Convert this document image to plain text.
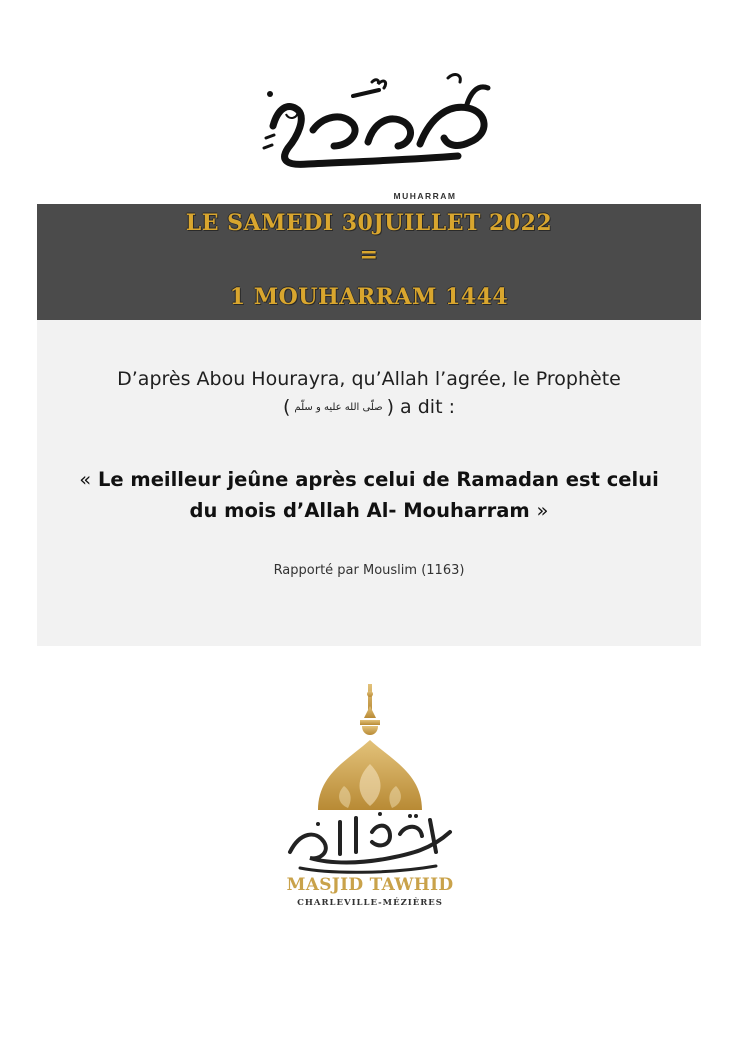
MUHARRAM
LE SAMEDI 30JUILLET 2022
=
1 MOUHARRAM 1444
D’après Abou Hourayra, qu’Allah l’agrée, le Prophète
( صلّى الله عليه و سلّم ) a dit :
« Le meilleur jeûne après celui de Ramadan est celui
du mois d’Allah Al- Mouharram »
Rapporté par Mouslim (1163)
MASJID TAWHID
CHARLEVILLE-MÉZIÈRES
